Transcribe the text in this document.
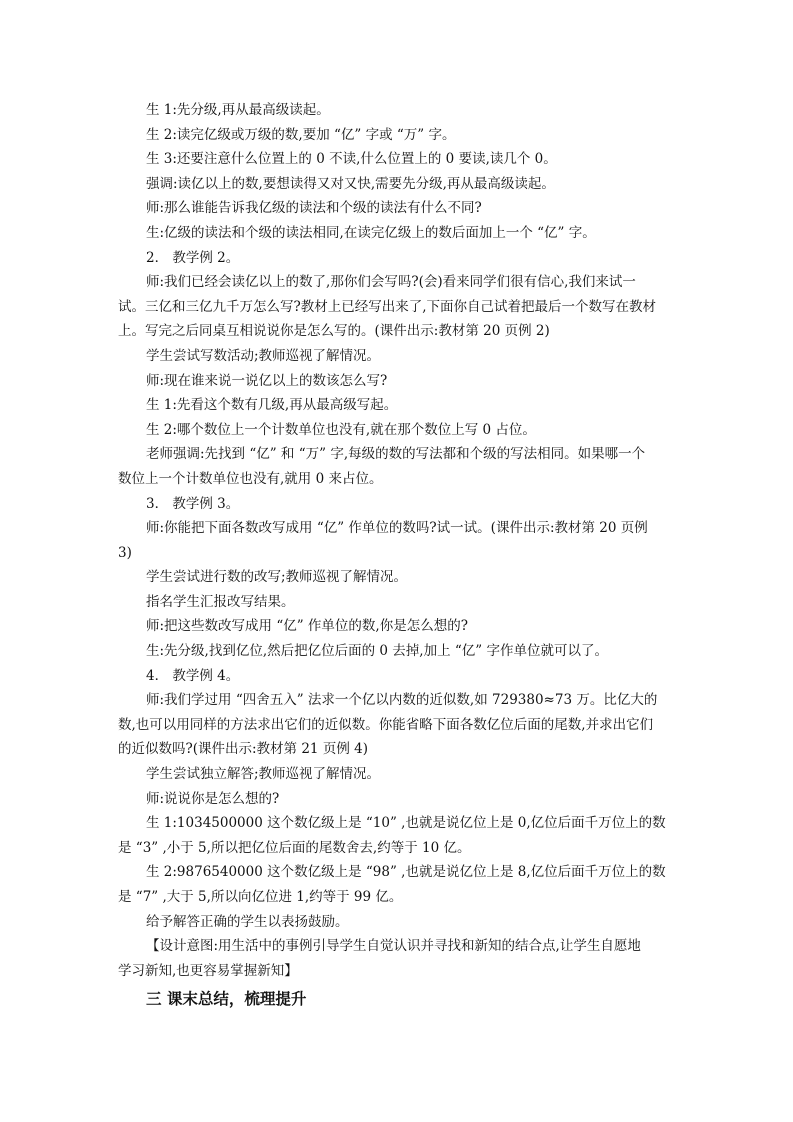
生 1:先分级,再从最高级读起。
生 2:读完亿级或万级的数,要加 “亿” 字或 “万” 字。
生 3:还要注意什么位置上的 0 不读,什么位置上的 0 要读,读几个 0。
强调:读亿以上的数,要想读得又对又快,需要先分级,再从最高级读起。
师:那么谁能告诉我亿级的读法和个级的读法有什么不同?
生:亿级的读法和个级的读法相同,在读完亿级上的数后面加上一个 “亿” 字。
2． 教学例 2。
师:我们已经会读亿以上的数了,那你们会写吗?(会)看来同学们很有信心,我们来试一
试。三亿和三亿九千万怎么写?教材上已经写出来了,下面你自己试着把最后一个数写在教材
上。写完之后同桌互相说说你是怎么写的。(课件出示:教材第 20 页例 2)
学生尝试写数活动;教师巡视了解情况。
师:现在谁来说一说亿以上的数该怎么写?
生 1:先看这个数有几级,再从最高级写起。
生 2:哪个数位上一个计数单位也没有,就在那个数位上写 0 占位。
老师强调:先找到 “亿” 和 “万” 字,每级的数的写法都和个级的写法相同。如果哪一个
数位上一个计数单位也没有,就用 0 来占位。
3． 教学例 3。
师:你能把下面各数改写成用 “亿” 作单位的数吗?试一试。(课件出示:教材第 20 页例
3)
学生尝试进行数的改写;教师巡视了解情况。
指名学生汇报改写结果。
师:把这些数改写成用 “亿” 作单位的数,你是怎么想的?
生:先分级,找到亿位,然后把亿位后面的 0 去掉,加上 “亿” 字作单位就可以了。
4． 教学例 4。
师:我们学过用 “四舍五入” 法求一个亿以内数的近似数,如 729380≈73 万。比亿大的
数,也可以用同样的方法求出它们的近似数。你能省略下面各数亿位后面的尾数,并求出它们
的近似数吗?(课件出示:教材第 21 页例 4)
学生尝试独立解答;教师巡视了解情况。
师:说说你是怎么想的?
生 1:1034500000 这个数亿级上是 “10” ,也就是说亿位上是 0,亿位后面千万位上的数
是 “3” ,小于 5,所以把亿位后面的尾数舍去,约等于 10 亿。
生 2:9876540000 这个数亿级上是 “98” ,也就是说亿位上是 8,亿位后面千万位上的数
是 “7” ,大于 5,所以向亿位进 1,约等于 99 亿。
给予解答正确的学生以表扬鼓励。
【设计意图:用生活中的事例引导学生自觉认识并寻找和新知的结合点,让学生自愿地
学习新知,也更容易掌握新知】
三 课末总结，梳理提升
